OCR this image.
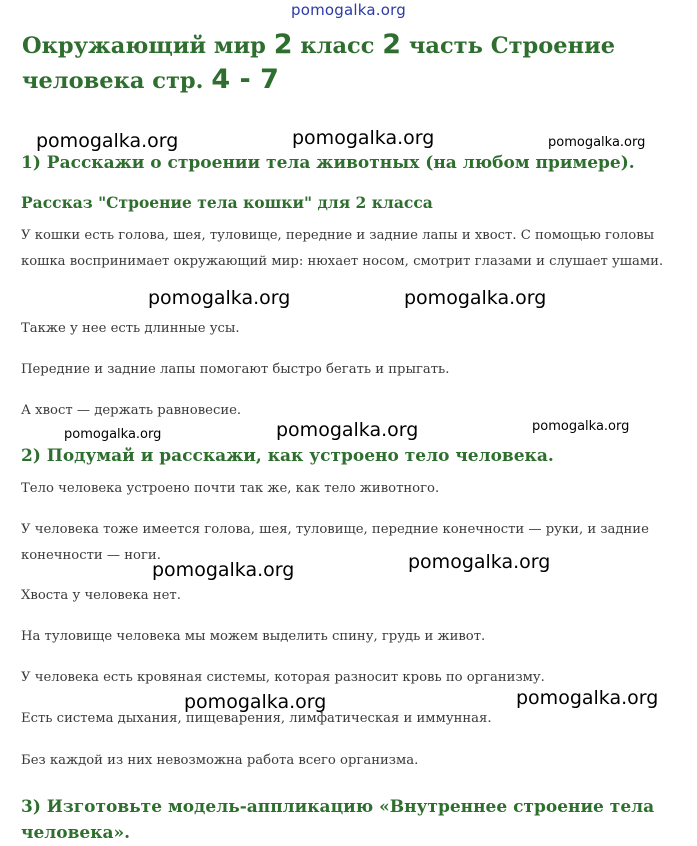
pomogalka.org
Окружающий мир 2 класс 2 часть Строение человека стр. 4 - 7
1) Расскажи о строении тела животных (на любом примере).
Рассказ "Строение тела кошки" для 2 класса

У кошки есть голова, шея, туловище, передние и задние лапы и хвост. С помощью головы кошка воспринимает окружающий мир: нюхает носом, смотрит глазами и слушает ушами.

Также у нее есть длинные усы.

Передние и задние лапы помогают быстро бегать и прыгать.

А хвост — держать равновесие.

2) Подумай и расскажи, как устроено тело человека.

Тело человека устроено почти так же, как тело животного.

У человека тоже имеется голова, шея, туловище, передние конечности — руки, и задние конечности — ноги.

Хвоста у человека нет.

На туловище человека мы можем выделить спину, грудь и живот.

У человека есть кровяная системы, которая разносит кровь по организму.

Есть система дыхания, пищеварения, лимфатическая и иммунная.

Без каждой из них невозможна работа всего организма.

3) Изготовьте модель-аппликацию «Внутреннее строение тела человека».
pomogalka.org	pomogalka.org	pomogalka.org
pomogalka.org	pomogalka.org
pomogalka.org	pomogalka.org	pomogalka.org
pomogalka.org	pomogalka.org
pomogalka.org	pomogalka.org
